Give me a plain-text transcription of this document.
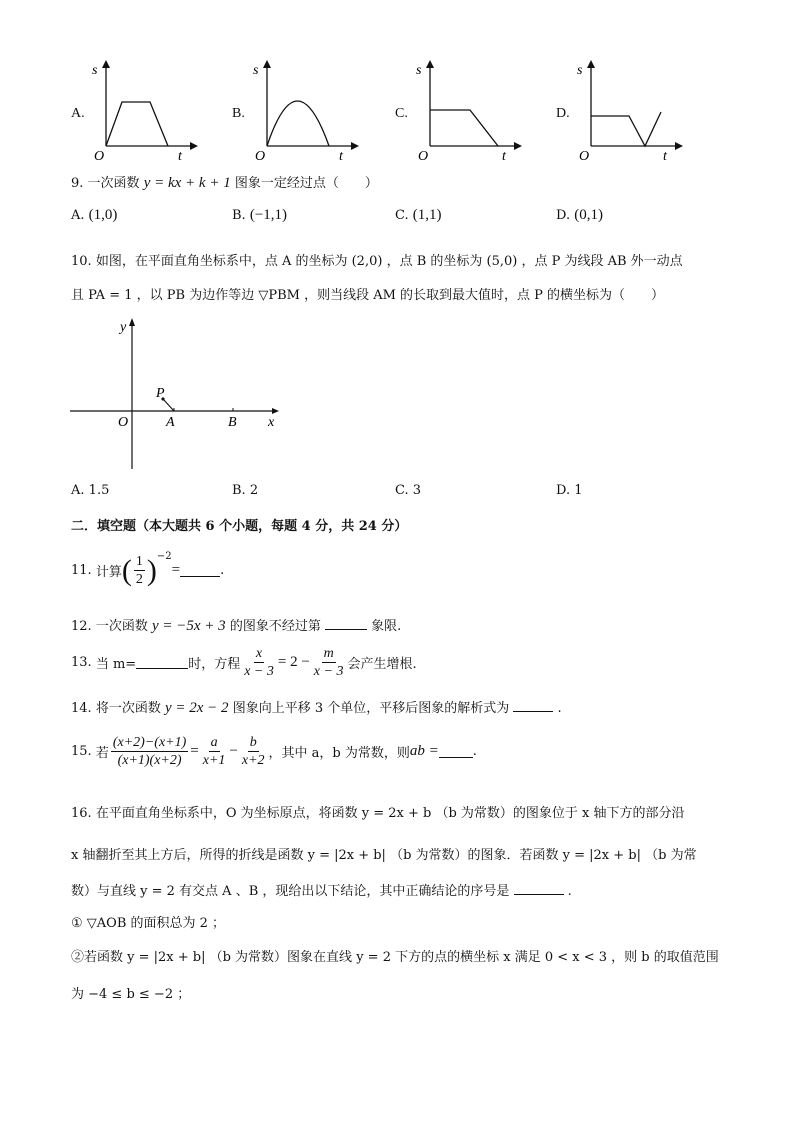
A.
s
O	t
B.
s
O	t
C.
s
O	t
D.
s
O	t
9. 一次函数 y = kx + k + 1 图象一定经过点（　　）
A. (1,0)	B. (−1,1)	C. (1,1)	D. (0,1)
10. 如图，在平面直角坐标系中，点 A 的坐标为 (2,0) ，点 B 的坐标为 (5,0) ，点 P 为线段 AB 外一动点
且 PA = 1 ，以 PB 为边作等边 ▽PBM ，则当线段 AM 的长取到最大值时，点 P 的横坐标为（　　）
y
x
O	A	B
P
A. 1.5	B. 2	C. 3	D. 1
二．填空题（本大题共 6 个小题，每题 4 分，共 24 分）
11.
计算 ( $\frac{1}{2}$ ) −2
=	.
12. 一次函数 y = −5x + 3 的图象不经过第	象限.
13.
当 m=	时，方程 $\frac{x}{x - 3} = 2 - \frac{m}{x - 3}$ 会产生增根.
14. 将一次函数 y = 2x − 2 图象向上平移 3 个单位，平移后图象的解析式为	.
15.
若 $\frac{(x+2)-(x+1)}{(x+1)(x+2)} = \frac{a}{x+1} - \frac{b}{x+2}$ ，其中 a，b 为常数，则 ab =	.
16. 在平面直角坐标系中，O 为坐标原点，将函数 y = 2x + b （b 为常数）的图象位于 x 轴下方的部分沿
x 轴翻折至其上方后，所得的折线是函数 y = |2x + b| （b 为常数）的图象．若函数 y = |2x + b| （b 为常
数）与直线 y = 2 有交点 A 、B ，现给出以下结论，其中正确结论的序号是	.
① ▽AOB 的面积总为 2 ；
②若函数 y = |2x + b| （b 为常数）图象在直线 y = 2 下方的点的横坐标 x 满足 0 < x < 3 ，则 b 的取值范围
为 −4 ≤ b ≤ −2 ；
